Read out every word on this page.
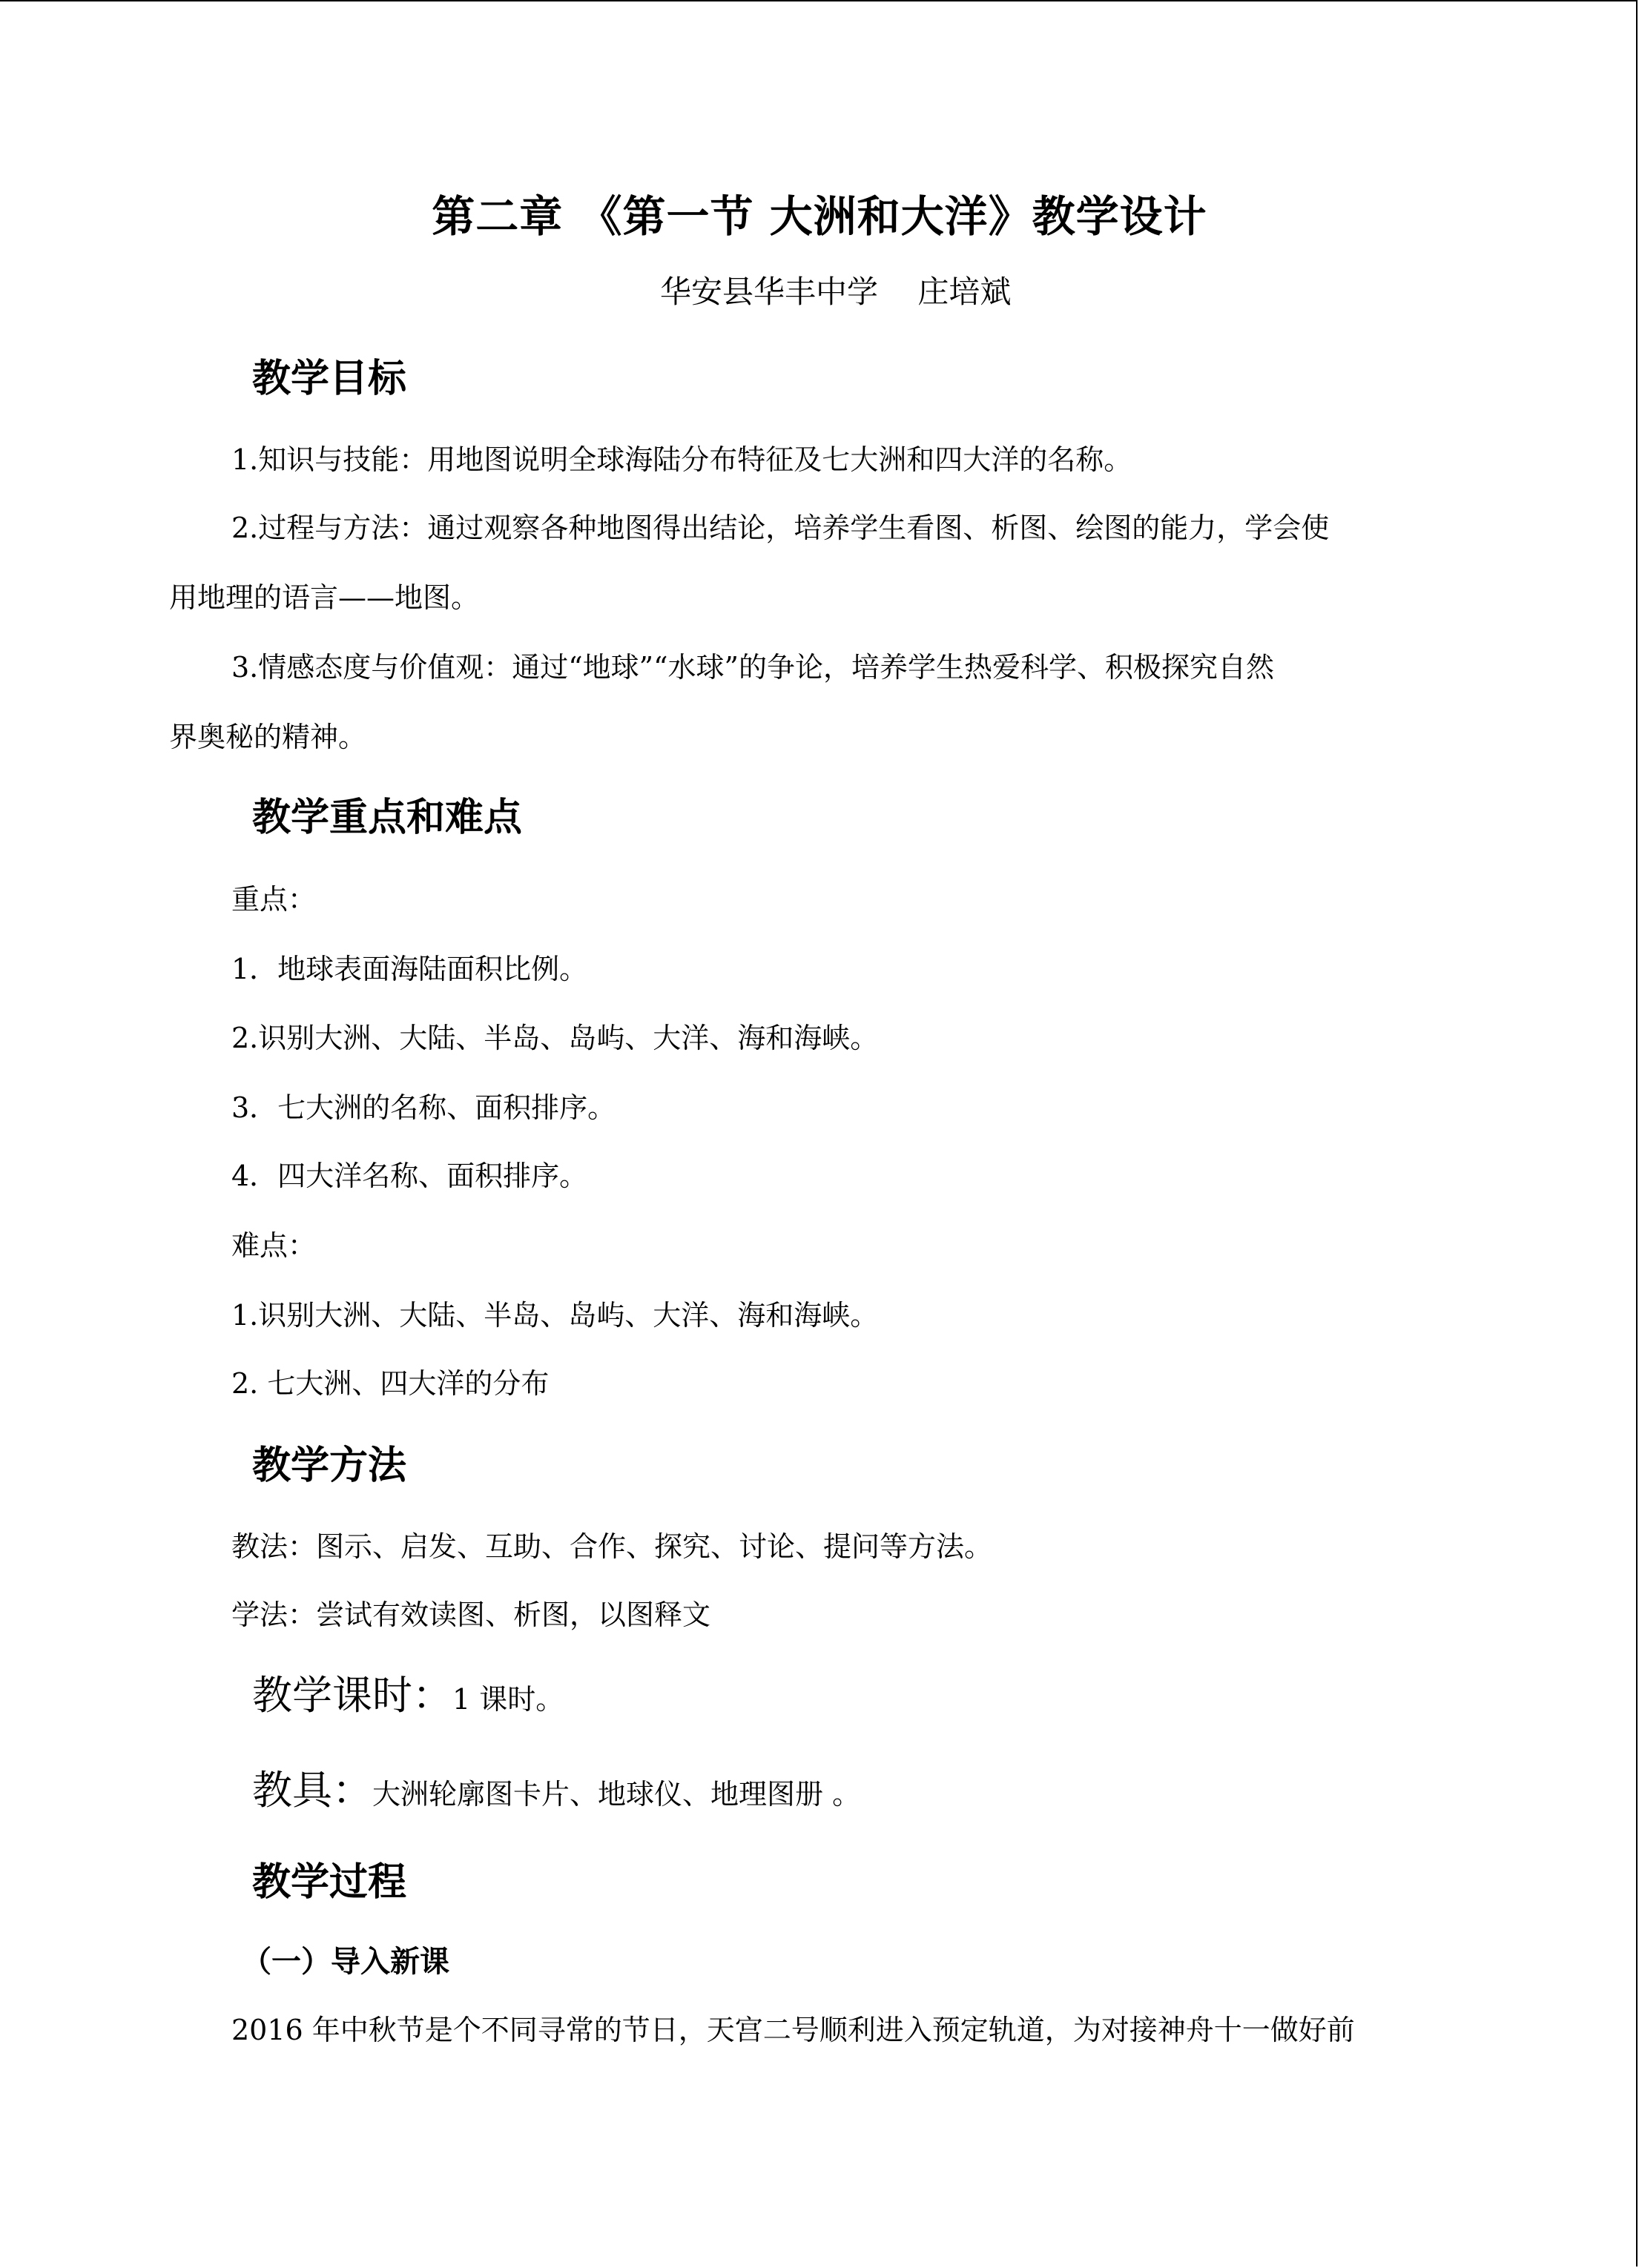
第二章 《第一节 大洲和大洋》教学设计
华安县华丰中学    庄培斌
教学目标
1.知识与技能：用地图说明全球海陆分布特征及七大洲和四大洋的名称。
2.过程与方法：通过观察各种地图得出结论，培养学生看图、析图、绘图的能力，学会使
用地理的语言——地图。
3.情感态度与价值观：通过“地球”“水球”的争论，培养学生热爱科学、积极探究自然
界奥秘的精神。
教学重点和难点
重点：
1．地球表面海陆面积比例。
2.识别大洲、大陆、半岛、岛屿、大洋、海和海峡。
3．七大洲的名称、面积排序。
4．四大洋名称、面积排序。
难点：
1.识别大洲、大陆、半岛、岛屿、大洋、海和海峡。
2. 七大洲、四大洋的分布
教学方法
教法：图示、启发、互助、合作、探究、讨论、提问等方法。
学法：尝试有效读图、析图，以图释文
教学课时：1 课时。
教具：大洲轮廓图卡片、地球仪、地理图册 。
教学过程
（一）导入新课
2016 年中秋节是个不同寻常的节日，天宫二号顺利进入预定轨道，为对接神舟十一做好前
